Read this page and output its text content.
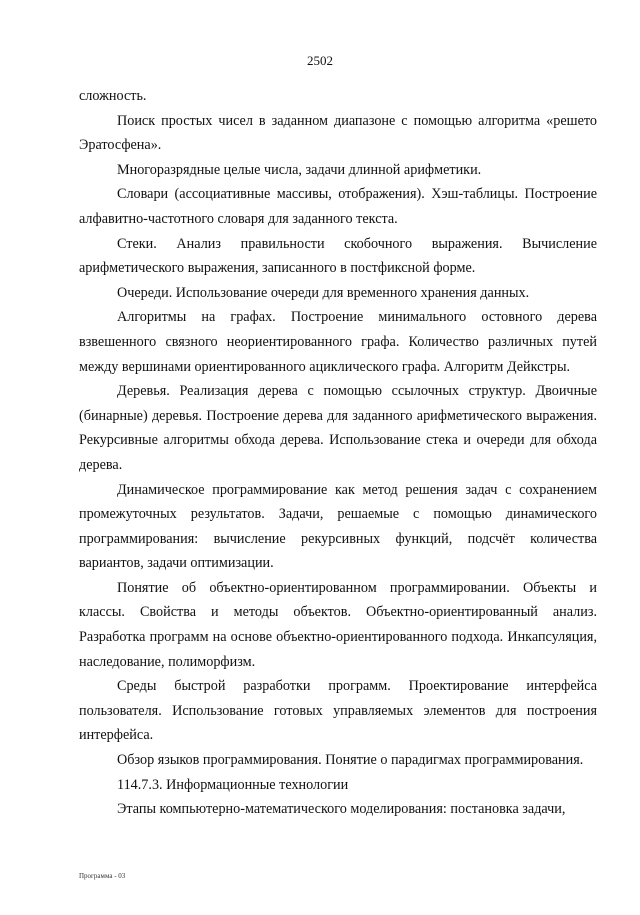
2502

сложность.

Поиск простых чисел в заданном диапазоне с помощью алгоритма «решето Эратосфена».

Многоразрядные целые числа, задачи длинной арифметики.

Словари (ассоциативные массивы, отображения). Хэш-таблицы. Построение алфавитно-частотного словаря для заданного текста.

Стеки. Анализ правильности скобочного выражения. Вычисление арифметического выражения, записанного в постфиксной форме.

Очереди. Использование очереди для временного хранения данных.

Алгоритмы на графах. Построение минимального остовного дерева взвешенного связного неориентированного графа. Количество различных путей между вершинами ориентированного ациклического графа. Алгоритм Дейкстры.

Деревья. Реализация дерева с помощью ссылочных структур. Двоичные (бинарные) деревья. Построение дерева для заданного арифметического выражения. Рекурсивные алгоритмы обхода дерева. Использование стека и очереди для обхода дерева.

Динамическое программирование как метод решения задач с сохранением промежуточных результатов. Задачи, решаемые с помощью динамического программирования: вычисление рекурсивных функций, подсчёт количества вариантов, задачи оптимизации.

Понятие об объектно-ориентированном программировании. Объекты и классы. Свойства и методы объектов. Объектно-ориентированный анализ. Разработка программ на основе объектно-ориентированного подхода. Инкапсуляция, наследование, полиморфизм.

Среды быстрой разработки программ. Проектирование интерфейса пользователя. Использование готовых управляемых элементов для построения интерфейса.

Обзор языков программирования. Понятие о парадигмах программирования.

114.7.3. Информационные технологии

Этапы компьютерно-математического моделирования: постановка задачи,

Программа - 03
